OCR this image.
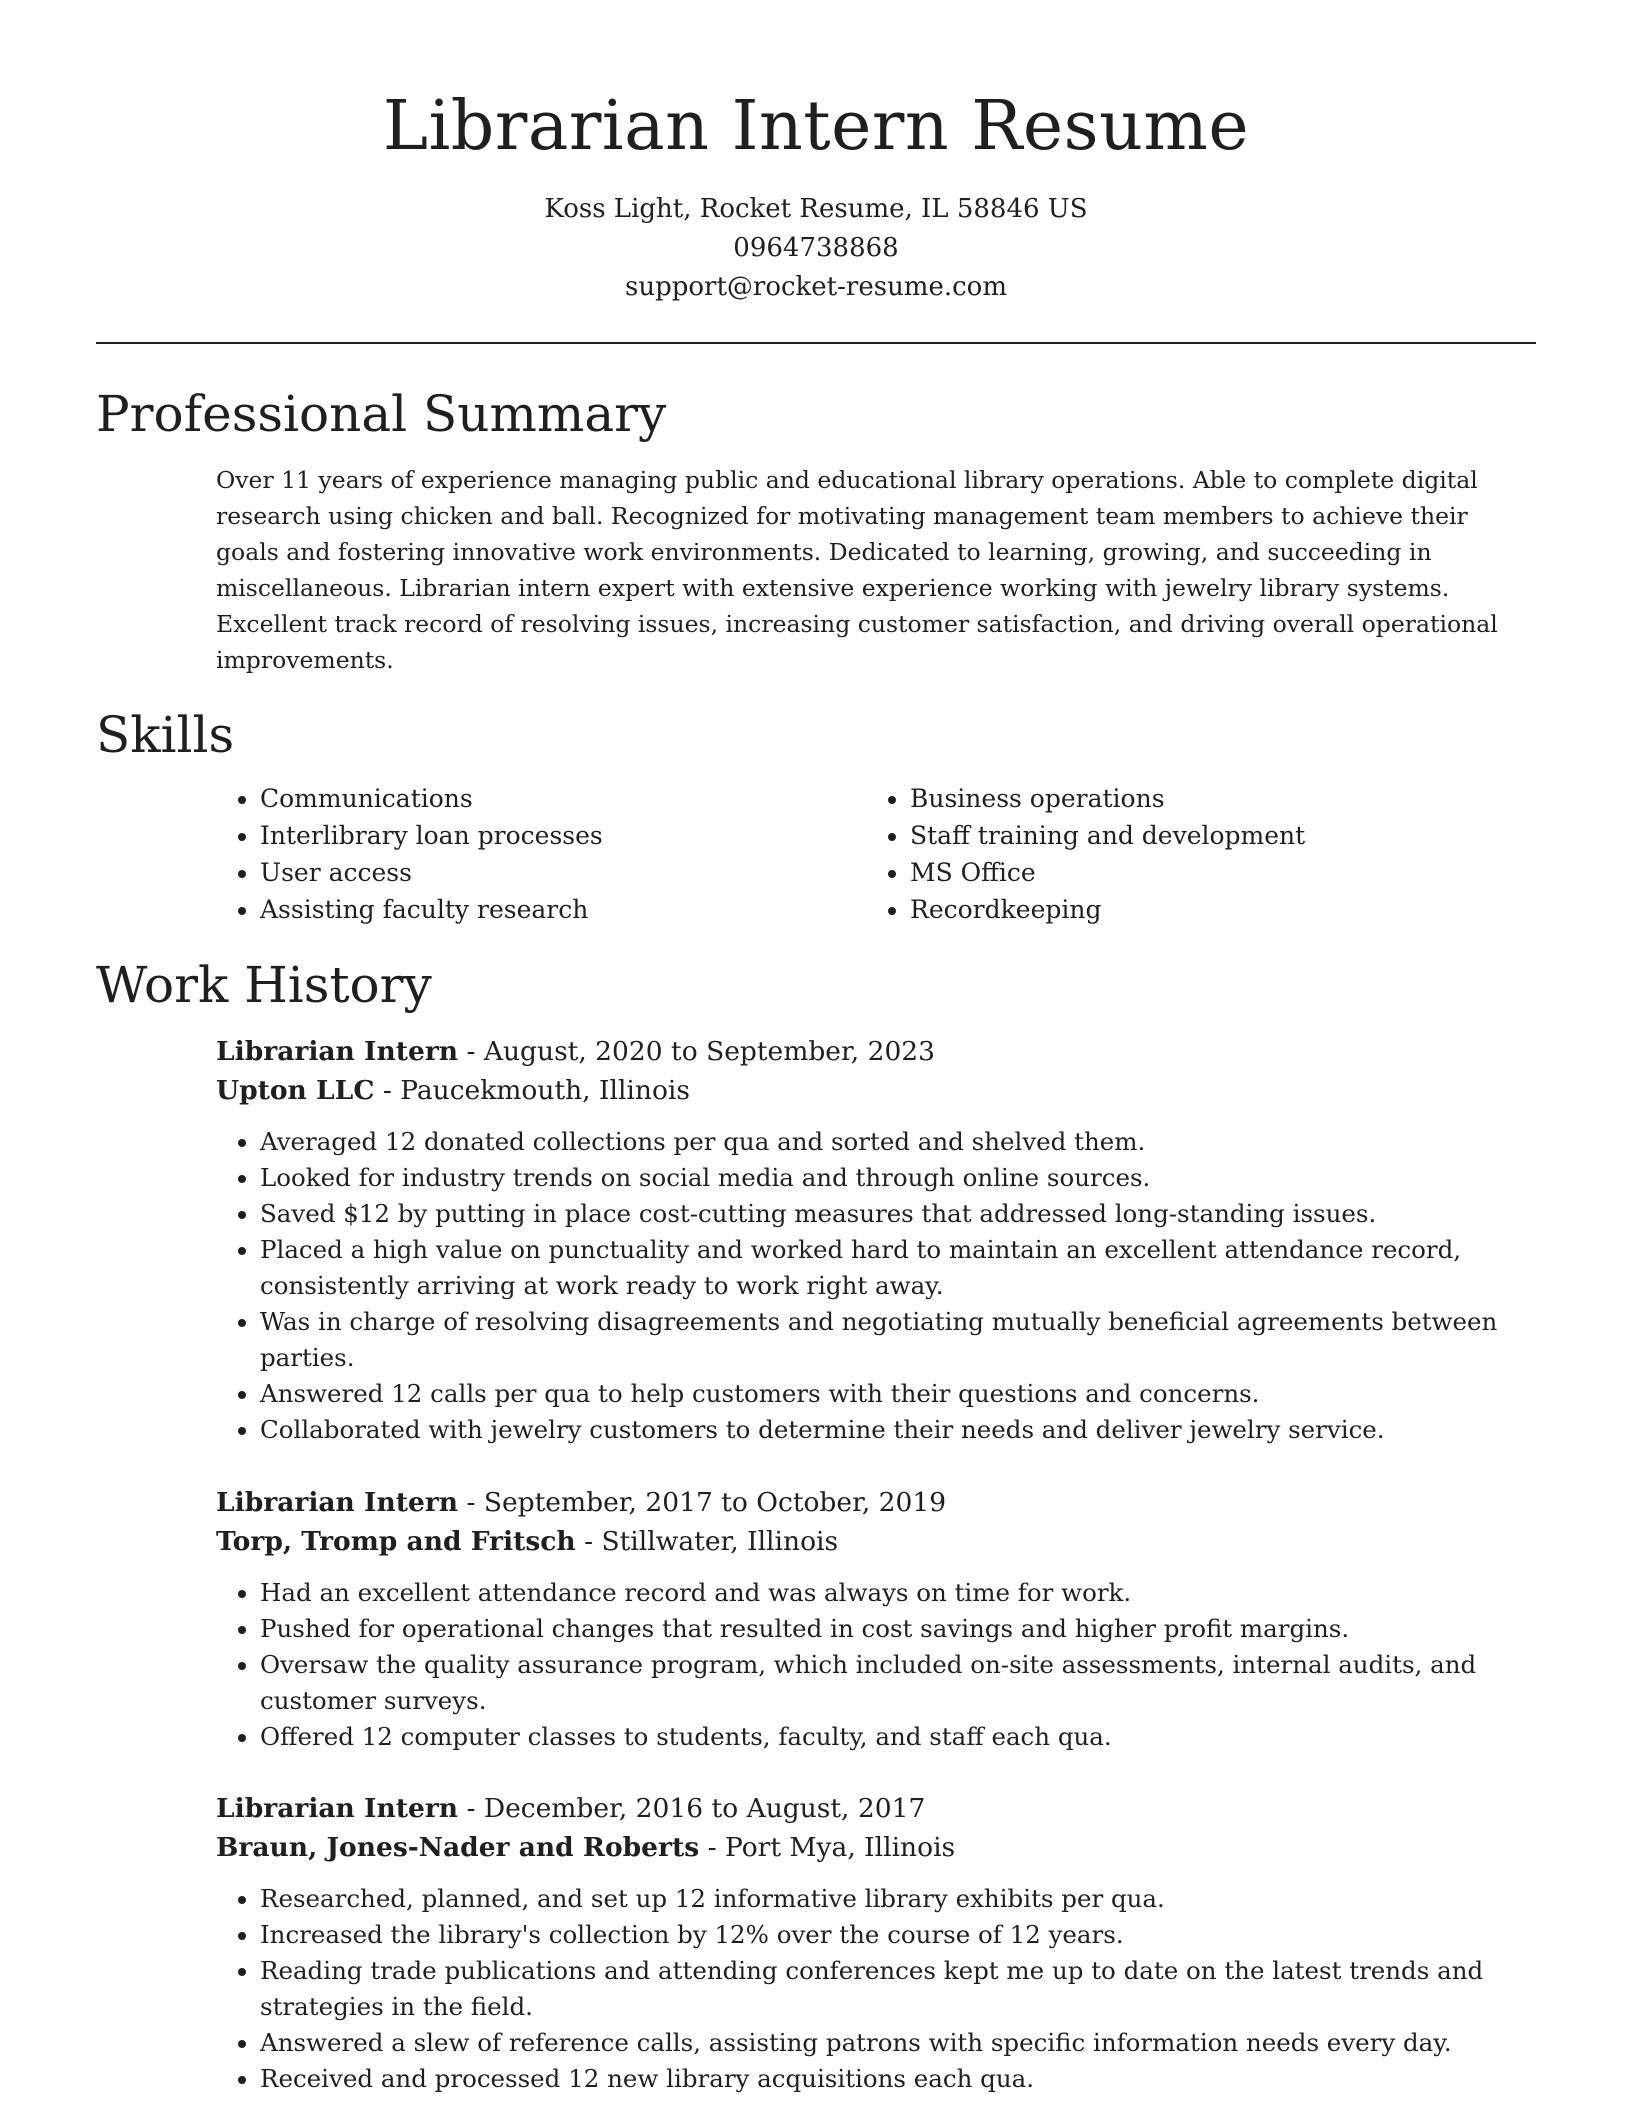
Librarian Intern Resume
Koss Light, Rocket Resume, IL 58846 US
0964738868
support@rocket-resume.com
Professional Summary

Over 11 years of experience managing public and educational library operations. Able to complete digital research using chicken and ball. Recognized for motivating management team members to achieve their goals and fostering innovative work environments. Dedicated to learning, growing, and succeeding in miscellaneous. Librarian intern expert with extensive experience working with jewelry library systems. Excellent track record of resolving issues, increasing customer satisfaction, and driving overall operational improvements.

Skills
• Communications
• Interlibrary loan processes
• User access
• Assisting faculty research
• Business operations
• Staff training and development
• MS Office
• Recordkeeping
Work History
Librarian Intern - August, 2020 to September, 2023
Upton LLC - Paucekmouth, Illinois
• Averaged 12 donated collections per qua and sorted and shelved them.
• Looked for industry trends on social media and through online sources.
• Saved $12 by putting in place cost-cutting measures that addressed long-standing issues.
• Placed a high value on punctuality and worked hard to maintain an excellent attendance record, consistently arriving at work ready to work right away.
• Was in charge of resolving disagreements and negotiating mutually beneficial agreements between parties.
• Answered 12 calls per qua to help customers with their questions and concerns.
• Collaborated with jewelry customers to determine their needs and deliver jewelry service.
Librarian Intern - September, 2017 to October, 2019
Torp, Tromp and Fritsch - Stillwater, Illinois
• Had an excellent attendance record and was always on time for work.
• Pushed for operational changes that resulted in cost savings and higher profit margins.
• Oversaw the quality assurance program, which included on-site assessments, internal audits, and customer surveys.
• Offered 12 computer classes to students, faculty, and staff each qua.
Librarian Intern - December, 2016 to August, 2017
Braun, Jones-Nader and Roberts - Port Mya, Illinois
• Researched, planned, and set up 12 informative library exhibits per qua.
• Increased the library's collection by 12% over the course of 12 years.
• Reading trade publications and attending conferences kept me up to date on the latest trends and strategies in the field.
• Answered a slew of reference calls, assisting patrons with specific information needs every day.
• Received and processed 12 new library acquisitions each qua.
